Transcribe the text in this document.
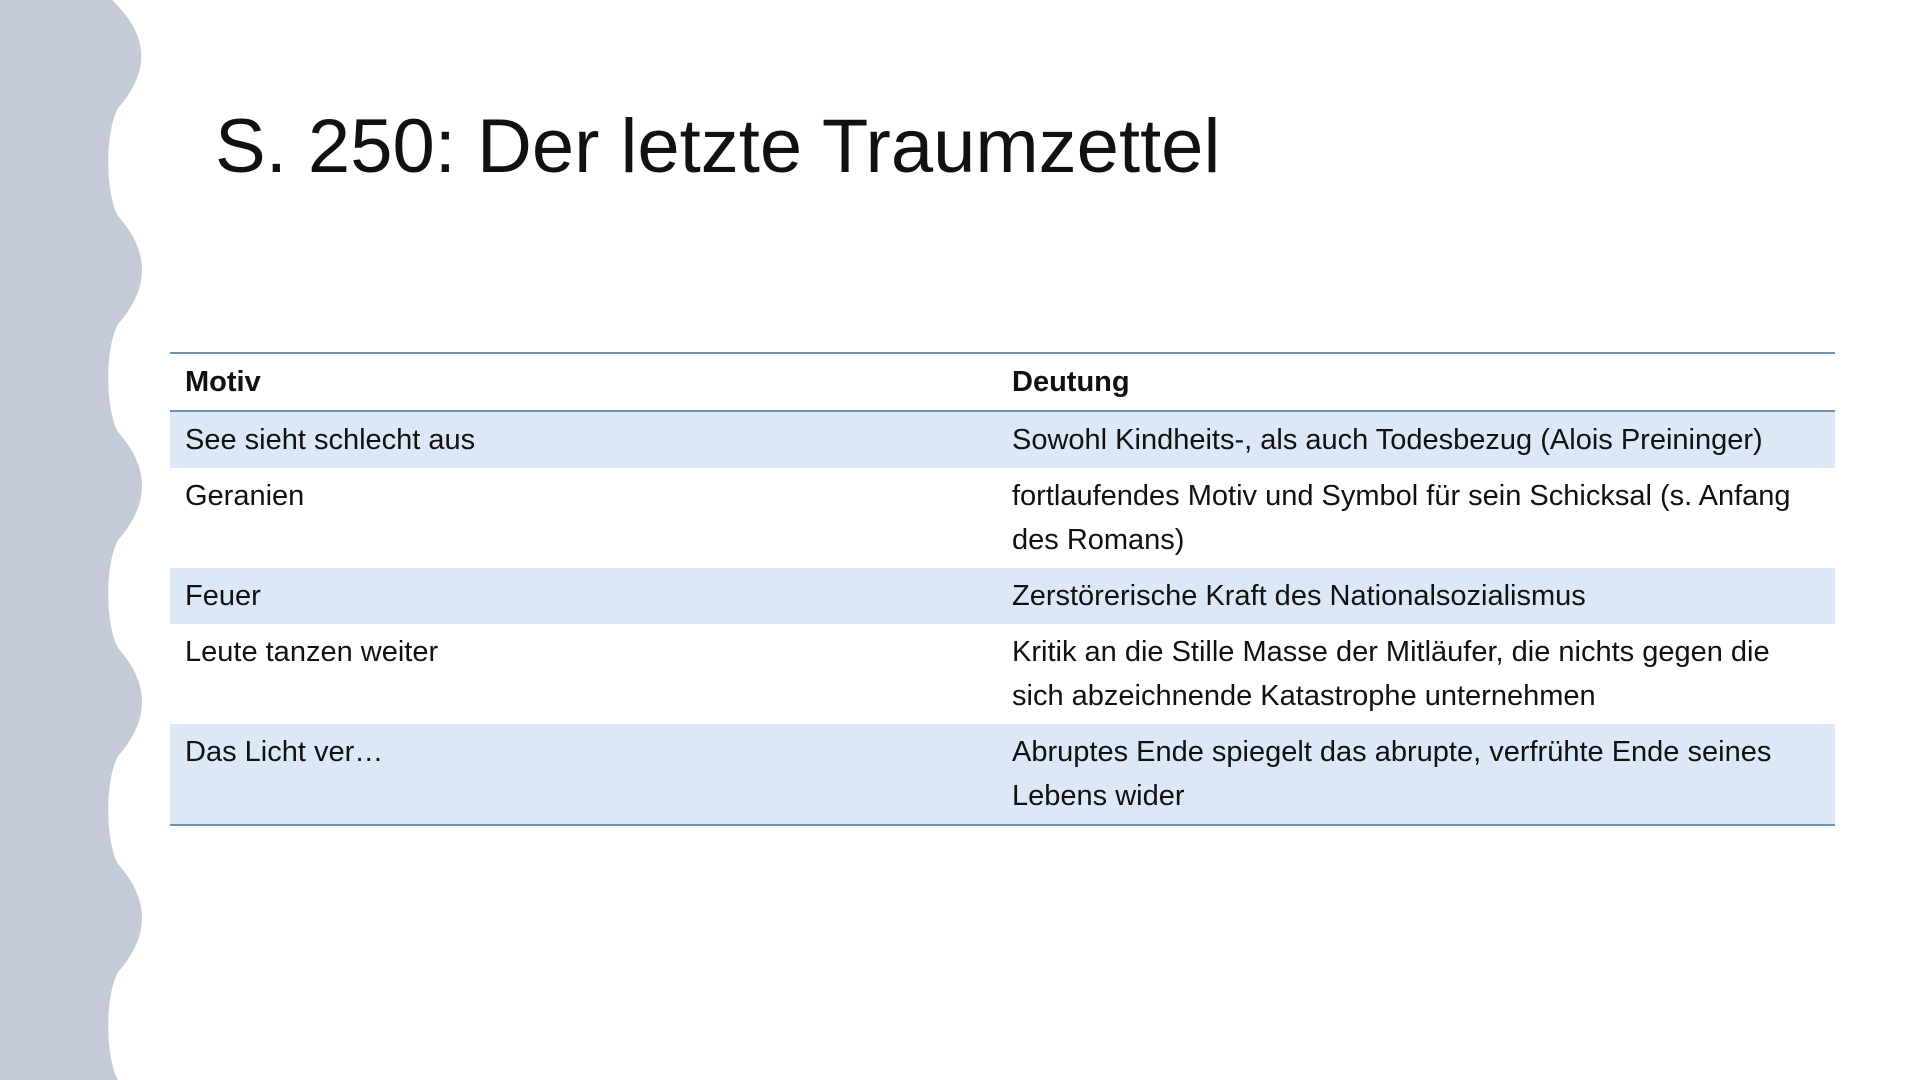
S. 250: Der letzte Traumzettel
Motiv	Deutung
See sieht schlecht aus	Sowohl Kindheits-, als auch Todesbezug (Alois Preininger)
Geranien	fortlaufendes Motiv und Symbol für sein Schicksal (s. Anfang des Romans)
Feuer	Zerstörerische Kraft des Nationalsozialismus
Leute tanzen weiter	Kritik an die Stille Masse der Mitläufer, die nichts gegen die sich abzeichnende Katastrophe unternehmen
Das Licht ver…	Abruptes Ende spiegelt das abrupte, verfrühte Ende seines Lebens wider
